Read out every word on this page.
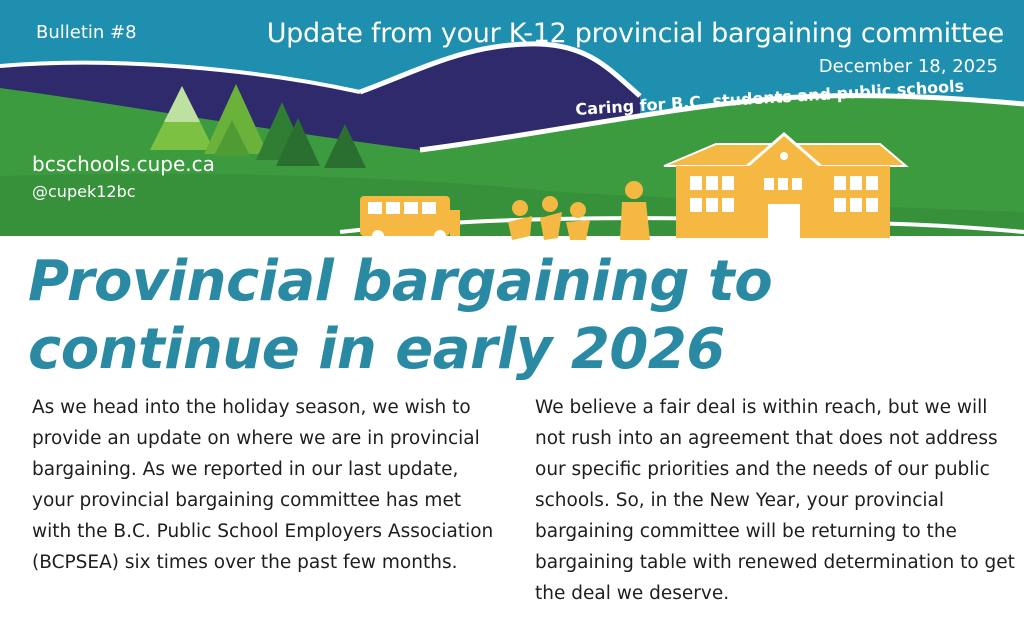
Bulletin #8	Update from your K-12 provincial bargaining committee
December 18, 2025
bcschools.cupe.ca
@cupek12bc
Caring for B.C. students and public schools
Provincial bargaining to continue in early 2026

As we head into the holiday season, we wish to provide an update on where we are in provincial bargaining. As we reported in our last update, your provincial bargaining committee has met with the B.C. Public School Employers Association (BCPSEA) six times over the past few months.

We believe a fair deal is within reach, but we will not rush into an agreement that does not address our specific priorities and the needs of our public schools. So, in the New Year, your provincial bargaining committee will be returning to the bargaining table with renewed determination to get the deal we deserve.
